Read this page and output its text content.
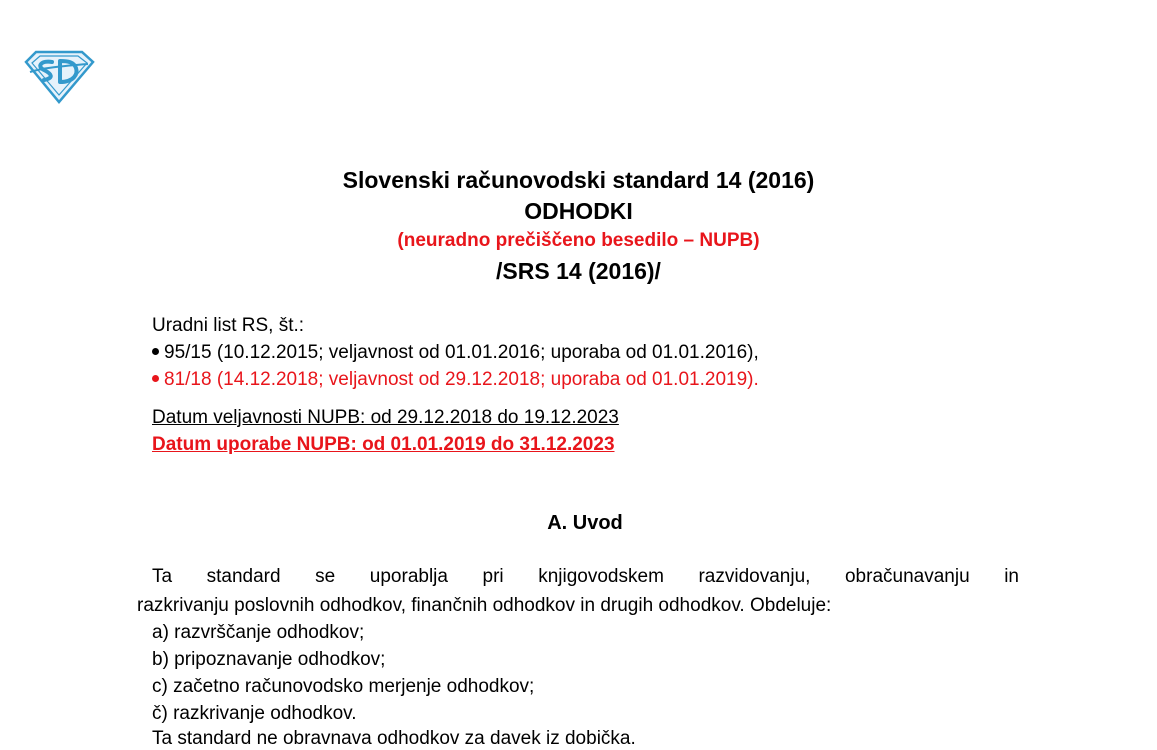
Slovenski računovodski standard 14 (2016)
ODHODKI
(neuradno prečiščeno besedilo – NUPB)
/SRS 14 (2016)/
Uradni list RS, št.:
95/15 (10.12.2015; veljavnost od 01.01.2016; uporaba od 01.01.2016),
81/18 (14.12.2018; veljavnost od 29.12.2018; uporaba od 01.01.2019).
Datum veljavnosti NUPB: od 29.12.2018 do 19.12.2023
Datum uporabe NUPB: od 01.01.2019 do 31.12.2023
A. Uvod
Ta standard se uporablja pri knjigovodskem razvidovanju, obračunavanju in
razkrivanju poslovnih odhodkov, finančnih odhodkov in drugih odhodkov. Obdeluje:
a) razvrščanje odhodkov;
b) pripoznavanje odhodkov;
c) začetno računovodsko merjenje odhodkov;
č) razkrivanje odhodkov.
Ta standard ne obravnava odhodkov za davek iz dobička.
